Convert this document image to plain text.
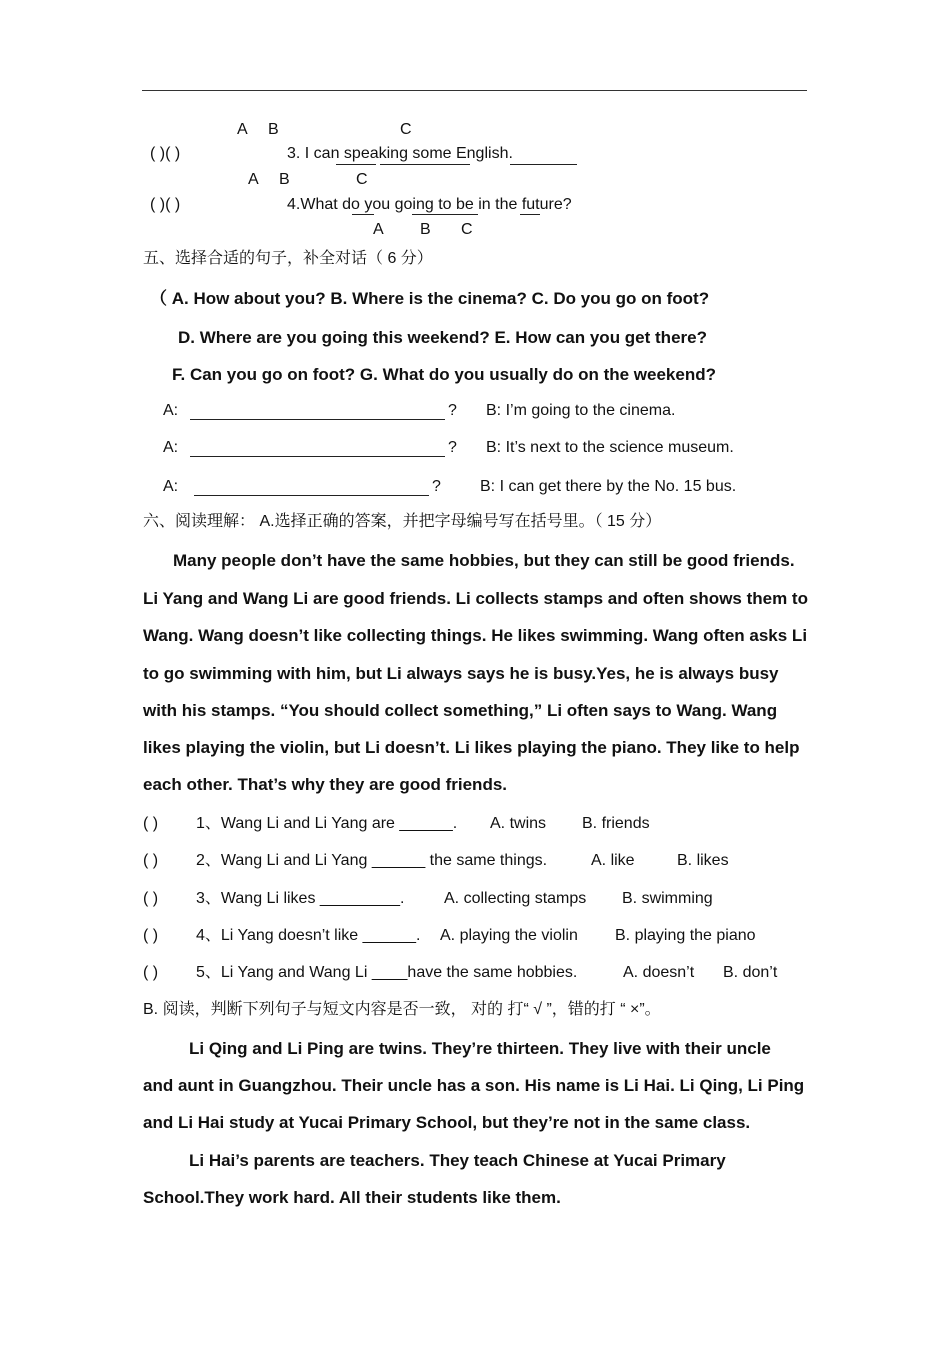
A B	C
( )( )	3. I can speaking some English.
A B	C
( )( )	4.What do you going to be in the future?
A B C
五、选择合适的句子，补全对话（ 6 分）
（ A. How about you? B. Where is the cinema? C. Do you go on foot?
D. Where are you going this weekend? E. How can you get there?
F. Can you go on foot? G. What do you usually do on the weekend?
A:	? B: I’m going to the cinema.
A:	? B: It’s next to the science museum.
A:	? B: I can get there by the No. 15 bus.
六、阅读理解： A.选择正确的答案，并把字母编号写在括号里。（ 15 分）
Many people don’t have the same hobbies, but they can still be good friends.
Li Yang and Wang Li are good friends. Li collects stamps and often shows them to
Wang. Wang doesn’t like collecting things. He likes swimming. Wang often asks Li
to go swimming with him, but Li always says he is busy.Yes, he is always busy
with his stamps. “You should collect something,” Li often says to Wang. Wang
likes playing the violin, but Li doesn’t. Li likes playing the piano. They like to help
each other. That’s why they are good friends.
( ) 1、Wang Li and Li Yang are ______. A. twins B. friends
( ) 2、Wang Li and Li Yang ______ the same things.	A. like	B. likes
( ) 3、Wang Li likes _________. A. collecting stamps B. swimming
( ) 4、Li Yang doesn’t like ______. A. playing the violin B. playing the piano
( ) 5、Li Yang and Wang Li ____have the same hobbies.	A. doesn’t B. don’t
B. 阅读，判断下列句子与短文内容是否一致， 对的 打“ √ ”，错的打 “ ×”。
Li Qing and Li Ping are twins. They’re thirteen. They live with their uncle
and aunt in Guangzhou. Their uncle has a son. His name is Li Hai. Li Qing, Li Ping
and Li Hai study at Yucai Primary School, but they’re not in the same class.
Li Hai’s parents are teachers. They teach Chinese at Yucai Primary
School.They work hard. All their students like them.
